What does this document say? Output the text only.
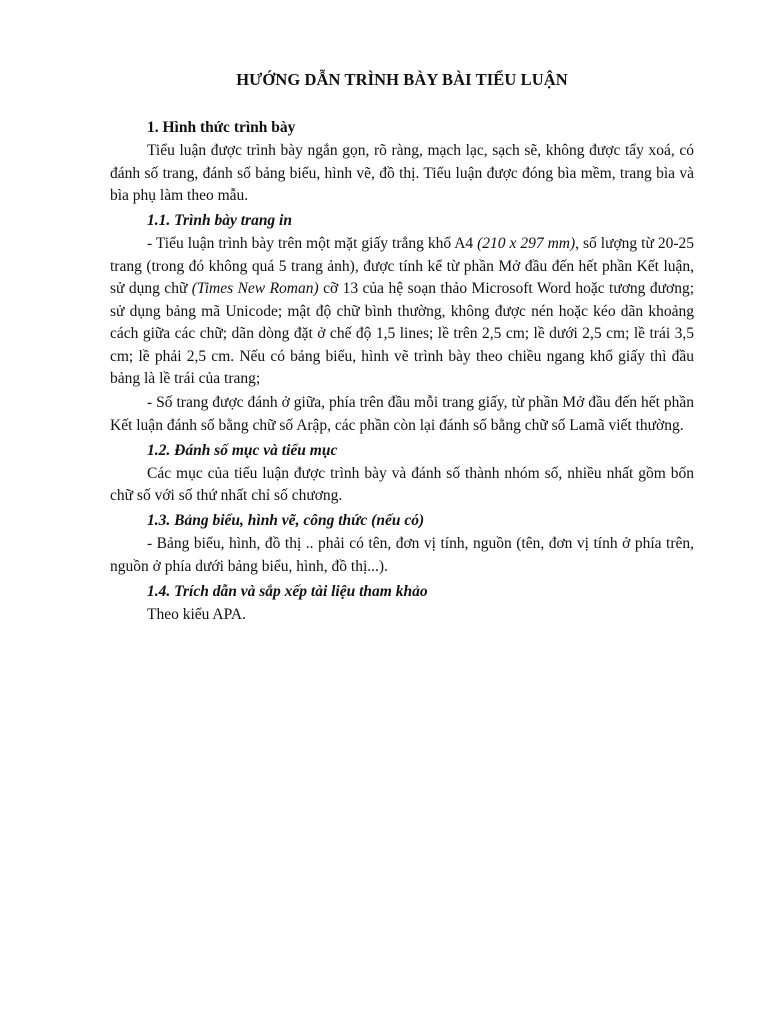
HƯỚNG DẪN TRÌNH BÀY BÀI TIỂU LUẬN

1. Hình thức trình bày

Tiểu luận được trình bày ngắn gọn, rõ ràng, mạch lạc, sạch sẽ, không được tẩy xoá, có đánh số trang, đánh số bảng biểu, hình vẽ, đồ thị. Tiểu luận được đóng bìa mềm, trang bìa và bìa phụ làm theo mẫu.

1.1. Trình bày trang in

- Tiểu luận trình bày trên một mặt giấy trắng khổ A4 (210 x 297 mm), số lượng từ 20-25 trang (trong đó không quá 5 trang ảnh), được tính kể từ phần Mở đầu đến hết phần Kết luận, sử dụng chữ (Times New Roman) cỡ 13 của hệ soạn thảo Microsoft Word hoặc tương đương; sử dụng bảng mã Unicode; mật độ chữ bình thường, không được nén hoặc kéo dãn khoảng cách giữa các chữ; dãn dòng đặt ở chế độ 1,5 lines; lề trên 2,5 cm; lề dưới 2,5 cm; lề trái 3,5 cm; lề phải 2,5 cm. Nếu có bảng biểu, hình vẽ trình bày theo chiều ngang khổ giấy thì đầu bảng là lề trái của trang;

- Số trang được đánh ở giữa, phía trên đầu mỗi trang giấy, từ phần Mở đầu đến hết phần Kết luận đánh số bằng chữ số Arập, các phần còn lại đánh số bằng chữ số Lamã viết thường.

1.2. Đánh số mục và tiểu mục

Các mục của tiểu luận được trình bày và đánh số thành nhóm số, nhiều nhất gồm bốn chữ số với số thứ nhất chỉ số chương.

1.3. Bảng biểu, hình vẽ, công thức (nếu có)

- Bảng biểu, hình, đồ thị .. phải có tên, đơn vị tính, nguồn (tên, đơn vị tính ở phía trên, nguồn ở phía dưới bảng biểu, hình, đồ thị...).

1.4. Trích dẫn và sắp xếp tài liệu tham khảo

Theo kiểu APA.
